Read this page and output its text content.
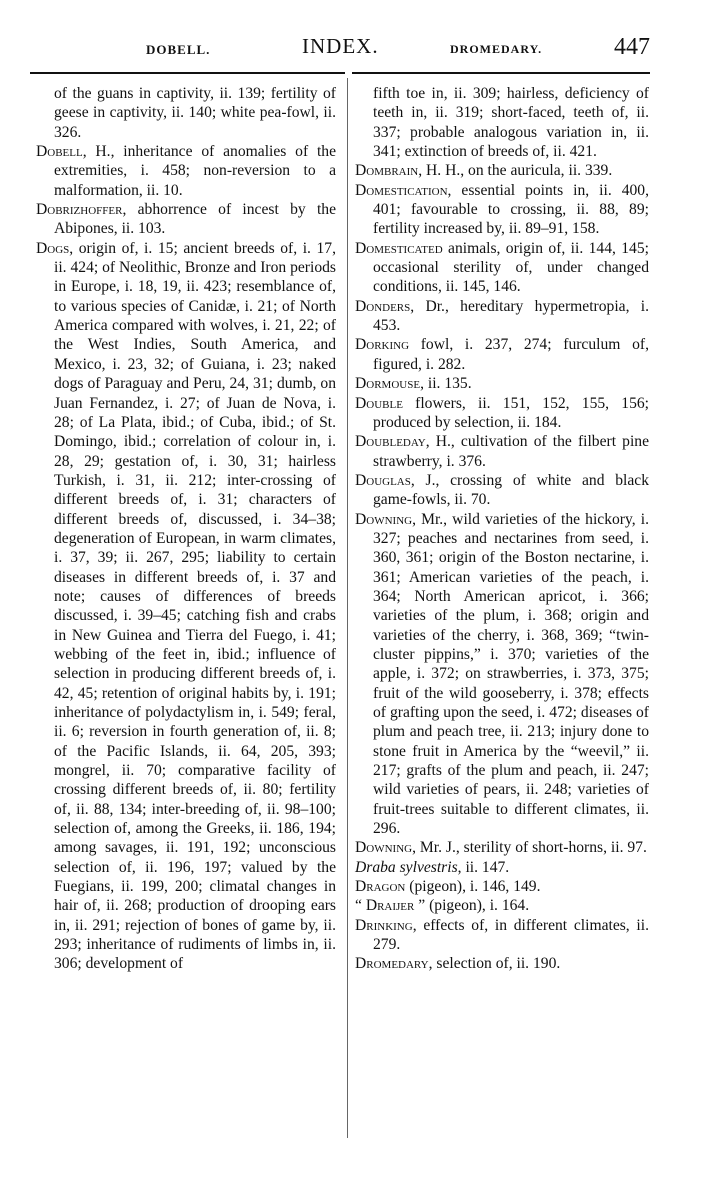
DOBELL.	INDEX.	DROMEDARY.	447

of the guans in captivity, ii. 139; fertility of geese in captivity, ii. 140; white pea-fowl, ii. 326.

Dobell, H., inheritance of anomalies of the extremities, i. 458; non-reversion to a malformation, ii. 10.

Dobrizhoffer, abhorrence of incest by the Abipones, ii. 103.

Dogs, origin of, i. 15; ancient breeds of, i. 17, ii. 424; of Neolithic, Bronze and Iron periods in Europe, i. 18, 19, ii. 423; resemblance of, to various species of Canidæ, i. 21; of North America compared with wolves, i. 21, 22; of the West Indies, South America, and Mexico, i. 23, 32; of Guiana, i. 23; naked dogs of Paraguay and Peru, 24, 31; dumb, on Juan Fernandez, i. 27; of Juan de Nova, i. 28; of La Plata, ibid.; of Cuba, ibid.; of St. Domingo, ibid.; correlation of colour in, i. 28, 29; gestation of, i. 30, 31; hairless Turkish, i. 31, ii. 212; inter-crossing of different breeds of, i. 31; characters of different breeds of, discussed, i. 34–38; degeneration of European, in warm climates, i. 37, 39; ii. 267, 295; liability to certain diseases in different breeds of, i. 37 and note; causes of differences of breeds discussed, i. 39–45; catching fish and crabs in New Guinea and Tierra del Fuego, i. 41; webbing of the feet in, ibid.; influence of selection in producing different breeds of, i. 42, 45; retention of original habits by, i. 191; inheritance of polydactylism in, i. 549; feral, ii. 6; reversion in fourth generation of, ii. 8; of the Pacific Islands, ii. 64, 205, 393; mongrel, ii. 70; comparative facility of crossing different breeds of, ii. 80; fertility of, ii. 88, 134; inter-breeding of, ii. 98–100; selection of, among the Greeks, ii. 186, 194; among savages, ii. 191, 192; unconscious selection of, ii. 196, 197; valued by the Fuegians, ii. 199, 200; climatal changes in hair of, ii. 268; production of drooping ears in, ii. 291; rejection of bones of game by, ii. 293; inheritance of rudiments of limbs in, ii. 306; development of

fifth toe in, ii. 309; hairless, deficiency of teeth in, ii. 319; short-faced, teeth of, ii. 337; probable analogous variation in, ii. 341; extinction of breeds of, ii. 421.

Dombrain, H. H., on the auricula, ii. 339.

Domestication, essential points in, ii. 400, 401; favourable to crossing, ii. 88, 89; fertility increased by, ii. 89–91, 158.

Domesticated animals, origin of, ii. 144, 145; occasional sterility of, under changed conditions, ii. 145, 146.

Donders, Dr., hereditary hypermetropia, i. 453.

Dorking fowl, i. 237, 274; furculum of, figured, i. 282.

Dormouse, ii. 135.

Double flowers, ii. 151, 152, 155, 156; produced by selection, ii. 184.

Doubleday, H., cultivation of the filbert pine strawberry, i. 376.

Douglas, J., crossing of white and black game-fowls, ii. 70.

Downing, Mr., wild varieties of the hickory, i. 327; peaches and nectarines from seed, i. 360, 361; origin of the Boston nectarine, i. 361; American varieties of the peach, i. 364; North American apricot, i. 366; varieties of the plum, i. 368; origin and varieties of the cherry, i. 368, 369; “twin-cluster pippins,” i. 370; varieties of the apple, i. 372; on strawberries, i. 373, 375; fruit of the wild gooseberry, i. 378; effects of grafting upon the seed, i. 472; diseases of plum and peach tree, ii. 213; injury done to stone fruit in America by the “weevil,” ii. 217; grafts of the plum and peach, ii. 247; wild varieties of pears, ii. 248; varieties of fruit-trees suitable to different climates, ii. 296.

Downing, Mr. J., sterility of short-horns, ii. 97.

Draba sylvestris, ii. 147.

Dragon (pigeon), i. 146, 149.

“ Draijer ” (pigeon), i. 164.

Drinking, effects of, in different climates, ii. 279.

Dromedary, selection of, ii. 190.
